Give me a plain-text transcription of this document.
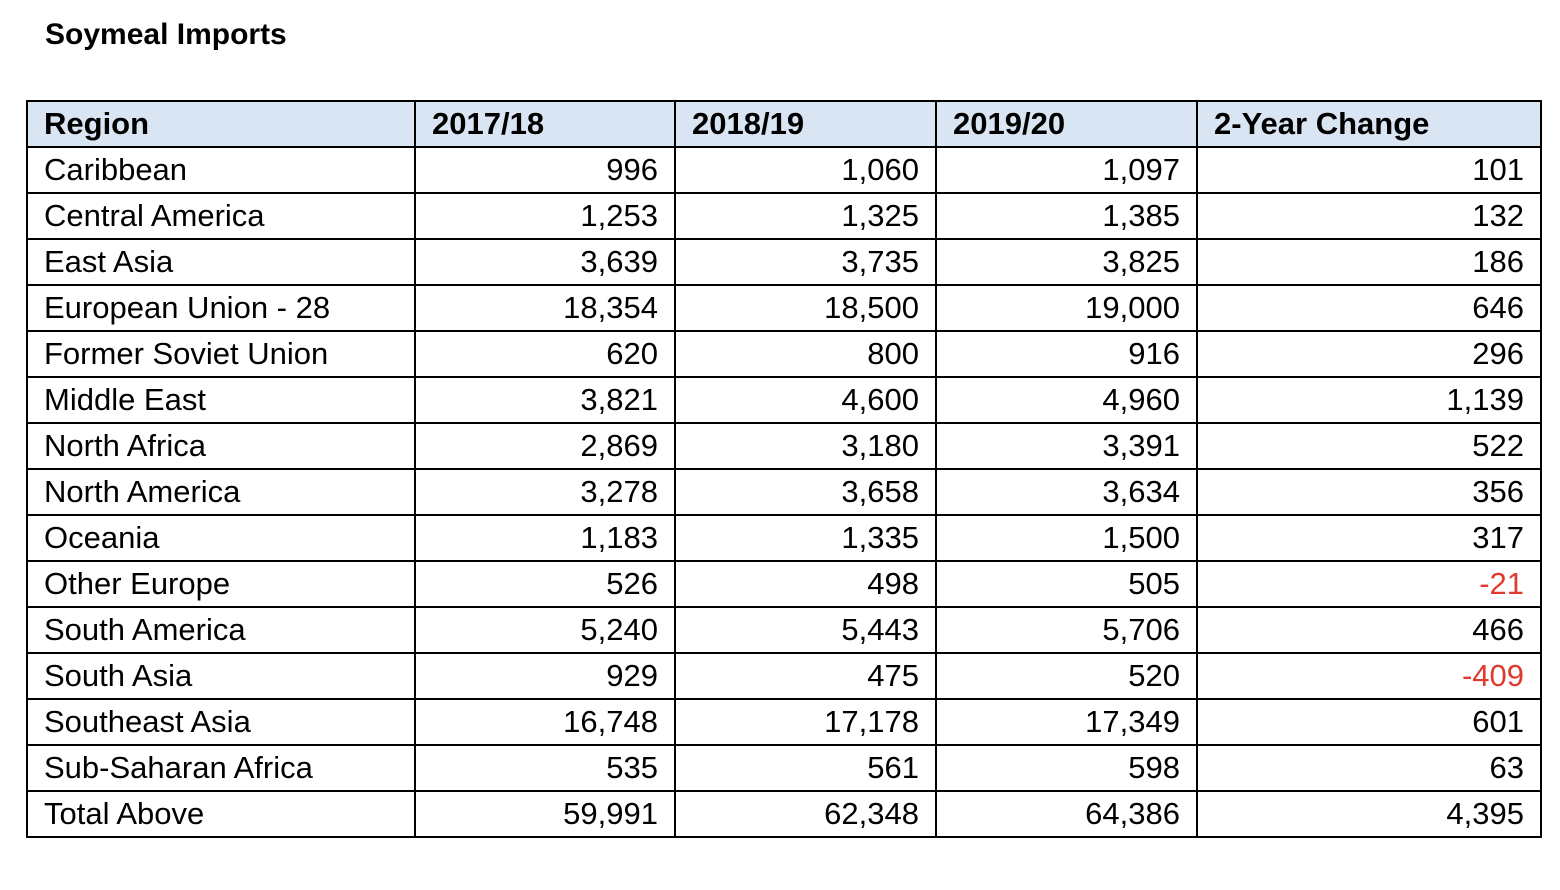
Soymeal Imports
Region	2017/18	2018/19	2019/20	2-Year Change
Caribbean	996	1,060	1,097	101
Central America	1,253	1,325	1,385	132
East Asia	3,639	3,735	3,825	186
European Union - 28	18,354	18,500	19,000	646
Former Soviet Union	620	800	916	296
Middle East	3,821	4,600	4,960	1,139
North Africa	2,869	3,180	3,391	522
North America	3,278	3,658	3,634	356
Oceania	1,183	1,335	1,500	317
Other Europe	526	498	505	-21
South America	5,240	5,443	5,706	466
South Asia	929	475	520	-409
Southeast Asia	16,748	17,178	17,349	601
Sub-Saharan Africa	535	561	598	63
Total Above	59,991	62,348	64,386	4,395
